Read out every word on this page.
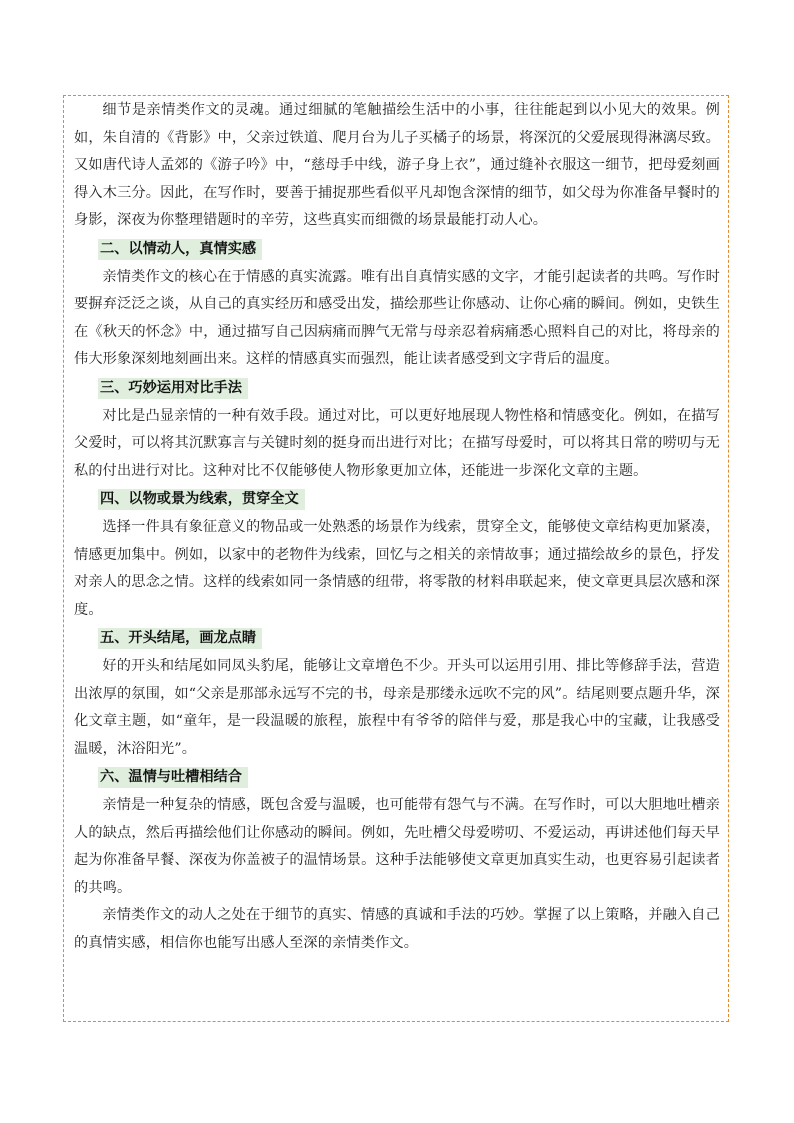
细节是亲情类作文的灵魂。通过细腻的笔触描绘生活中的小事，往往能起到以小见大的效果。例如，朱自清的《背影》中，父亲过铁道、爬月台为儿子买橘子的场景，将深沉的父爱展现得淋漓尽致。又如唐代诗人孟郊的《游子吟》中，“慈母手中线，游子身上衣”，通过缝补衣服这一细节，把母爱刻画得入木三分。因此，在写作时，要善于捕捉那些看似平凡却饱含深情的细节，如父母为你准备早餐时的身影，深夜为你整理错题时的辛劳，这些真实而细微的场景最能打动人心。

二、以情动人，真情实感

亲情类作文的核心在于情感的真实流露。唯有出自真情实感的文字，才能引起读者的共鸣。写作时要摒弃泛泛之谈，从自己的真实经历和感受出发，描绘那些让你感动、让你心痛的瞬间。例如，史铁生在《秋天的怀念》中，通过描写自己因病痛而脾气无常与母亲忍着病痛悉心照料自己的对比，将母亲的伟大形象深刻地刻画出来。这样的情感真实而强烈，能让读者感受到文字背后的温度。

三、巧妙运用对比手法

对比是凸显亲情的一种有效手段。通过对比，可以更好地展现人物性格和情感变化。例如，在描写父爱时，可以将其沉默寡言与关键时刻的挺身而出进行对比；在描写母爱时，可以将其日常的唠叨与无私的付出进行对比。这种对比不仅能够使人物形象更加立体，还能进一步深化文章的主题。

四、以物或景为线索，贯穿全文

选择一件具有象征意义的物品或一处熟悉的场景作为线索，贯穿全文，能够使文章结构更加紧凑，情感更加集中。例如，以家中的老物件为线索，回忆与之相关的亲情故事；通过描绘故乡的景色，抒发对亲人的思念之情。这样的线索如同一条情感的纽带，将零散的材料串联起来，使文章更具层次感和深度。

五、开头结尾，画龙点睛

好的开头和结尾如同凤头豹尾，能够让文章增色不少。开头可以运用引用、排比等修辞手法，营造出浓厚的氛围，如“父亲是那部永远写不完的书，母亲是那缕永远吹不完的风”。结尾则要点题升华，深化文章主题，如“童年，是一段温暖的旅程，旅程中有爷爷的陪伴与爱，那是我心中的宝藏，让我感受温暖，沐浴阳光”。

六、温情与吐槽相结合

亲情是一种复杂的情感，既包含爱与温暖，也可能带有怨气与不满。在写作时，可以大胆地吐槽亲人的缺点，然后再描绘他们让你感动的瞬间。例如，先吐槽父母爱唠叨、不爱运动，再讲述他们每天早起为你准备早餐、深夜为你盖被子的温情场景。这种手法能够使文章更加真实生动，也更容易引起读者的共鸣。

亲情类作文的动人之处在于细节的真实、情感的真诚和手法的巧妙。掌握了以上策略，并融入自己的真情实感，相信你也能写出感人至深的亲情类作文。
